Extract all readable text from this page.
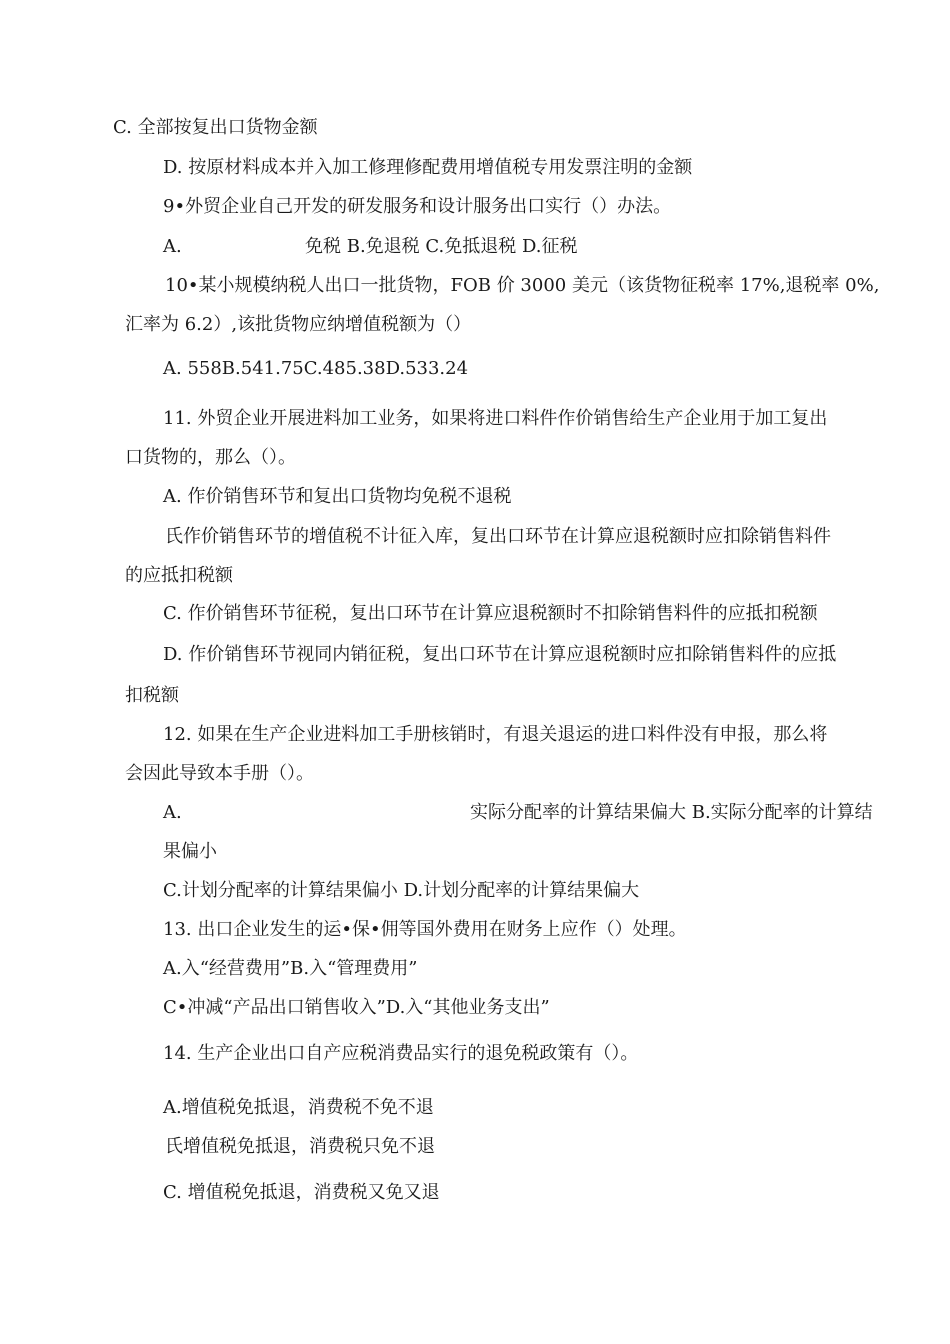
C. 全部按复出口货物金额
D. 按原材料成本并入加工修理修配费用增值税专用发票注明的金额
9•外贸企业自己开发的研发服务和设计服务出口实行（）办法。
A.	免税 B.免退税 C.免抵退税 D.征税
10•某小规模纳税人出口一批货物，FOB 价 3000 美元（该货物征税率 17%,退税率 0%,
汇率为 6.2）,该批货物应纳增值税额为（）
A. 558B.541.75C.485.38D.533.24
11. 外贸企业开展进料加工业务，如果将进口料件作价销售给生产企业用于加工复出
口货物的，那么（）。
A. 作价销售环节和复出口货物均免税不退税
氏作价销售环节的增值税不计征入库，复出口环节在计算应退税额时应扣除销售料件
的应抵扣税额
C. 作价销售环节征税，复出口环节在计算应退税额时不扣除销售料件的应抵扣税额
D. 作价销售环节视同内销征税，复出口环节在计算应退税额时应扣除销售料件的应抵
扣税额
12. 如果在生产企业进料加工手册核销时，有退关退运的进口料件没有申报，那么将
会因此导致本手册（）。
A.	实际分配率的计算结果偏大 B.实际分配率的计算结
果偏小
C.计划分配率的计算结果偏小 D.计划分配率的计算结果偏大
13. 出口企业发生的运•保•佣等国外费用在财务上应作（）处理。
A.入“经营费用”B.入“管理费用”
C•冲减“产品出口销售收入”D.入“其他业务支出”
14. 生产企业出口自产应税消费品实行的退免税政策有（）。
A.增值税免抵退，消费税不免不退
氏增值税免抵退，消费税只免不退
C. 增值税免抵退，消费税又免又退
